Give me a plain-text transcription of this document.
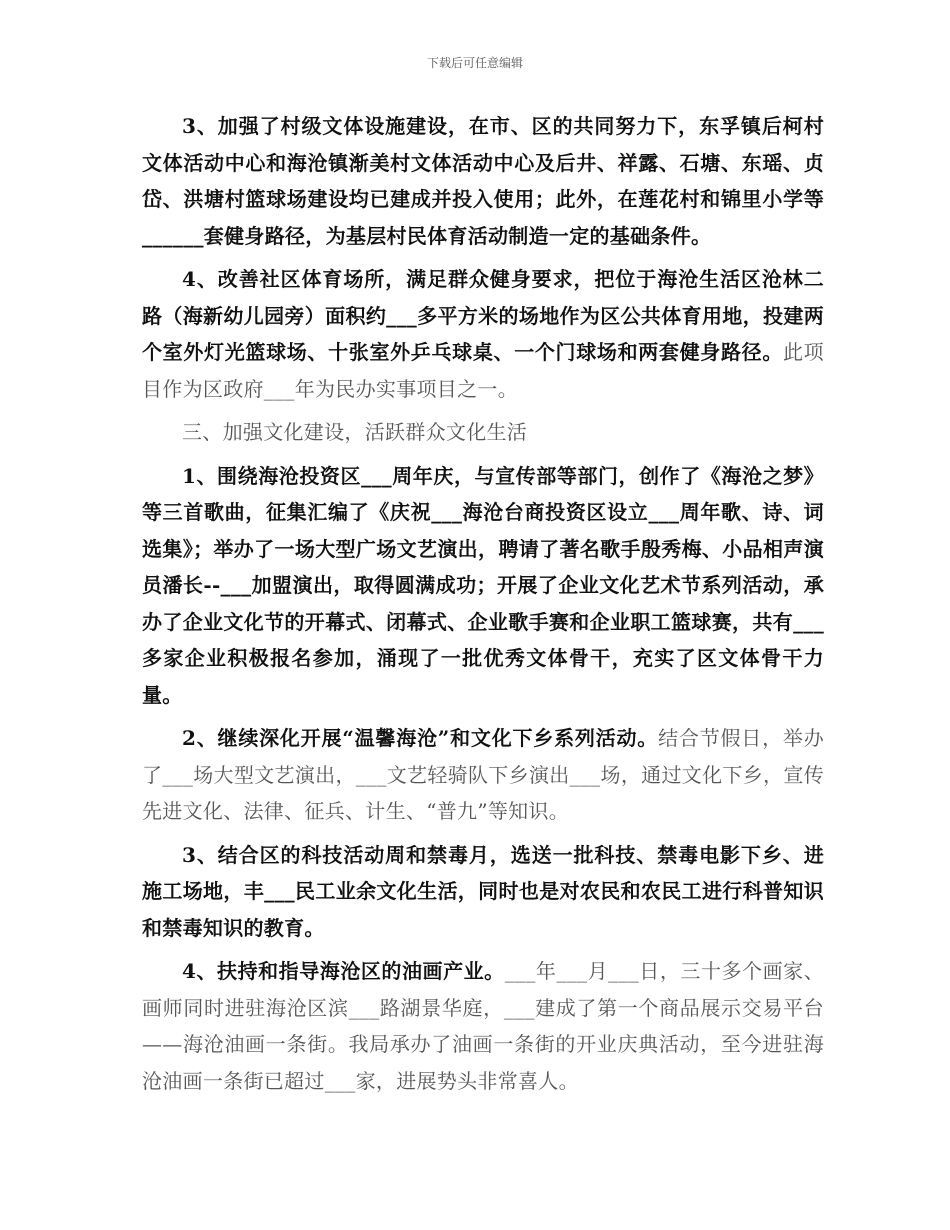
下载后可任意编辑

3、加强了村级文体设施建设，在市、区的共同努力下，东孚镇后柯村文体活动中心和海沧镇渐美村文体活动中心及后井、祥露、石塘、东瑶、贞岱、洪塘村篮球场建设均已建成并投入使用；此外，在莲花村和锦里小学等______套健身路径，为基层村民体育活动制造一定的基础条件。

4、改善社区体育场所，满足群众健身要求，把位于海沧生活区沧林二路（海新幼儿园旁）面积约___多平方米的场地作为区公共体育用地，投建两个室外灯光篮球场、十张室外乒乓球桌、一个门球场和两套健身路径。此项目作为区政府___年为民办实事项目之一。

三、加强文化建设，活跃群众文化生活

1、围绕海沧投资区___周年庆，与宣传部等部门，创作了《海沧之梦》等三首歌曲，征集汇编了《庆祝___海沧台商投资区设立___周年歌、诗、词选集》；举办了一场大型广场文艺演出，聘请了著名歌手殷秀梅、小品相声演员潘长--___加盟演出，取得圆满成功；开展了企业文化艺术节系列活动，承办了企业文化节的开幕式、闭幕式、企业歌手赛和企业职工篮球赛，共有___多家企业积极报名参加，涌现了一批优秀文体骨干，充实了区文体骨干力量。

2、继续深化开展“温馨海沧”和文化下乡系列活动。结合节假日，举办了___场大型文艺演出，___文艺轻骑队下乡演出___场，通过文化下乡，宣传先进文化、法律、征兵、计生、“普九”等知识。

3、结合区的科技活动周和禁毒月，选送一批科技、禁毒电影下乡、进施工场地，丰___民工业余文化生活，同时也是对农民和农民工进行科普知识和禁毒知识的教育。

4、扶持和指导海沧区的油画产业。___年___月___日，三十多个画家、画师同时进驻海沧区滨___路湖景华庭，___建成了第一个商品展示交易平台——海沧油画一条街。我局承办了油画一条街的开业庆典活动，至今进驻海沧油画一条街已超过___家，进展势头非常喜人。
